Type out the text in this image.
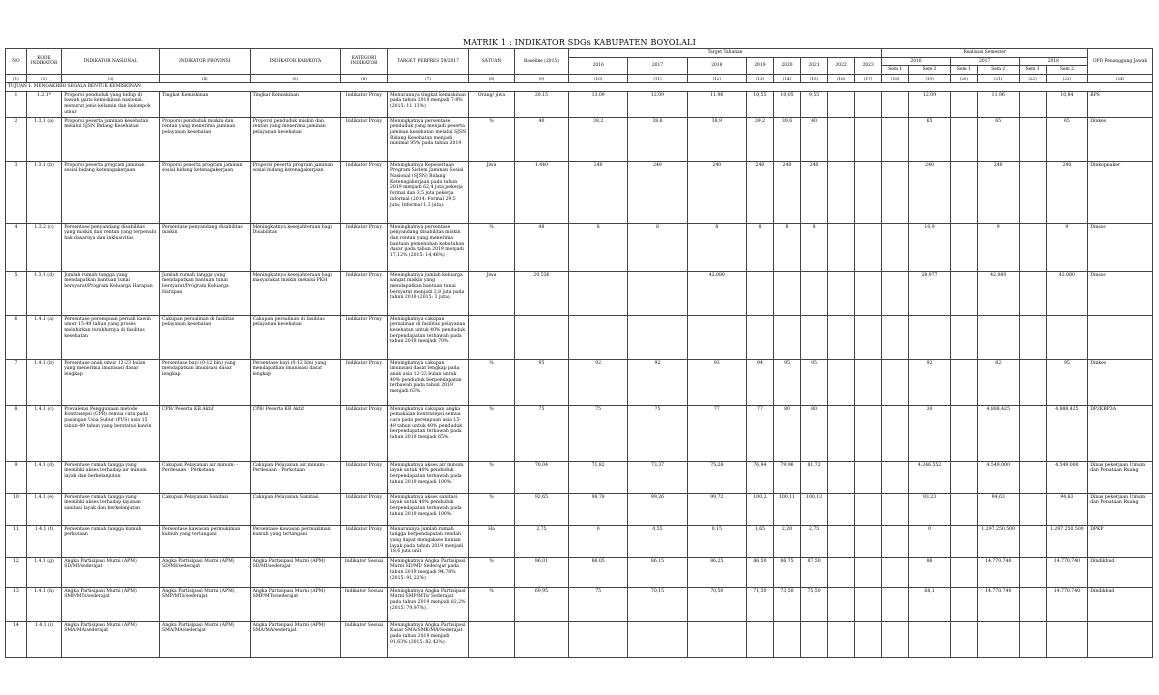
MATRIK 1 : INDIKATOR SDGs KABUPATEN BOYOLALI
NO	KODE INDIKATOR	INDIKATOR NASIONAL	INDIKATOR PROVINSI	INDIKATOR KAB/KOTA	KATEGORI INDIKATOR	TARGET PERPRES 59/2017	SATUAN	Baseline (2015)	Target Tahunan								Realisasi Semester						OPD Penanggung Jawab
									2016	2017	2018	2019	2020	2021	2022	2023	2016		2017		2018		
																	Sem 1	Sem 2	Sem 1	Sem 2	Sem 1	Sem 2	
(1)	(2)	(3)	(4)	(5)	(6)	(7)	(8)	(9)	(10)	(11)	(12)	(13)	(14)	(15)	(16)	(17)	(18)	(19)	(20)	(21)	(22)	(23)	(24)
TUJUAN 1. MENGAKHIRI SEGALA BENTUK KEMISKINAN																							
1	1.2.1*	Proporsi penduduk yang hidup di bawah garis kemiskinan nasional, menurut jenis kelamin dan kelompok umur	Tingkat Kemiskinan	Tingkat Kemiskinan	Indikator Proxy	Menurunnya tingkat kemiskinan pada tahun 2019 menjadi 7-8% (2015: 11,13%)	Orang/ jiwa	20.15	13.09	12.09	11.96	10,55	10,05	9,55				12.09		11.96		10,84	BPS
2	1.3.1 (a)	Proporsi peserta jaminan kesehatan melalui SJSN Bidang Kesehatan	Proporsi penduduk miskin dan rentan yang menerima jaminan pelayanan kesehatan	Proporsi penduduk miskin dan rentan yang menerima jaminan pelayanan kesehatan	Indikator Proxy	Meningkatnya persentase penduduk yang menjadi peserta jaminan kesehatan melalui SJSN Bidang Kesehatan menjadi minimal 95% pada tahun 2019	%	40	38,2	38,6	38,9	39,2	39,6	40				65		65		65	Dinkes
3	1.3.1 (b)	Proporsi peserta program jaminan sosial bidang ketenagakerjaan	Proporsi peserta program jaminan sosial bidang ketenagakerjaan	Proporsi peserta program jaminan sosial bidang ketenagakerjaan	Indikator Proxy	Meningkatnya Kepesertaan Program Sistem Jaminan Sosial Nasional (SJSN) Bidang Ketenagakerjaan pada tahun 2019 menjadi 62,4 juta pekerja formal dan 3,5 juta pekerja informal (2014: Formal 29,5 juta; Informal 1,3 juta).	Jiwa	1.440	240	240	240	240	240	240				240		240		240	Dinkopnaker
4	1.3.2 (c)	Persentase penyandang disabilitas yang miskin dan rentan yang terpenuhi hak dasarnya dan inklusivitas	Persentase penyandang disabilitas miskin	Meningkatnya kesejahteraan bagi Disabilitas	Indikator Proxy	Meningkatnya persentase penyandang disabilitas miskin dan rentan yang menerima bantuan pemenuhan kebutuhan dasar pada tahun 2019 menjadi 17,12% (2015: 14,46%)	%	48	8	8	8	8	8	8				10,9		9		9	Dinsos
5	1.3.1 (d)	Jumlah rumah tangga yang mendapatkan bantuan tunai bersyarat/Program Keluarga Harapan	Jumlah rumah tangga yang mendapatkan bantuan tunai bersyarat/Program Keluarga Harapan	Meningkatnya kesejahteraan bagi masyarakat miskin melalui PKH	Indikator Proxy	Meningkatnya jumlah keluarga sangat miskin yang mendapatkan bantuan tunai bersyarat menjadi 2,8 juta pada tahun 2019 (2015: 3 juta).	Jiwa	20.536			42.080							28.977		42.080		42.080	Dinsos
6	1.4.1 (a)	Persentase perempuan pernah kawin umur 15-49 tahun yang proses melahirkan terakhirnya di fasilitas kesehatan	Cakupan persalinan di fasilitas pelayanan kesehatan	Cakupan persalinan di fasilitas pelayanan kesehatan	Indikator Proxy	Meningkatnya cakupan persalinan di fasilitas pelayanan kesehatan untuk 40% penduduk berpendapatan terbawah pada tahun 2019 menjadi 70%.																	
7	1.4.1 (b)	Persentase anak umur 12-23 bulan yang menerima imunisasi dasar lengkap	Persentase bayi (0-12 bln) yang mendapatkan imunisasi dasar lengkap	Persentase bayi (0-12 bln) yang mendapatkan imunisasi dasar lengkap	Indikator Proxy	Meningkatnya cakupan imunisasi dasar lengkap pada anak usia 12-23 bulan untuk 40% penduduk berpendapatan terbawah pada tahun 2019 menjadi 63%.	%	95	92	92	93	94	95	95				92		82		95	Dinkes
8	1.4.1 (c)	Prevalensi Penggunaan metode Kontrasepsi (CPR) semua cara pada pasangan Usia Subur (PUS) usia 15 tahun-49 tahun yang berstatus kawin	CPR/ Peserta KB Aktif	CPR/ Peserta KB Aktif	Indikator Proxy	Meningkatnya cakupan angka pemakaian kontrasepsi semua cara pada perempuan usia 15-49 tahun untuk 40% penduduk berpendapatan terbawah pada tahun 2019 menjadi 65%.	%	75	75	75	77	77	80	80				30		4,888,425		4,888,425	DP2KBP3A
9	1.4.1 (d)	Persentase rumah tangga yang memiliki akses terhadap air minum layak dan berkelanjutan	Cakupan Pelayanan air minum: - Perdesaan - Perkotaan	Cakupan Pelayanan air minum: - Perdesaan - Perkotaan	Indikator Proxy	Meningkatnya akses air minum layak untuk 40% penduduk berpendapatan terbawah pada tahun 2019 menjadi 100%.	%	70,04	71,82	73,37	75,28	76,94	79,96	81,72				4.246.552		4.549.000		4.549.000	Dinas pekerjaan Umum dan Penataan Ruang
10	1.4.1 (e)	Persentase rumah tangga yang memiliki akses terhadap layanan sanitasi layak dan berkelanjutan	Cakupan Pelayanan Sanitasi	Cakupan Pelayanan Sanitasi	Indikator Proxy	Meningkatnya akses sanitasi layak untuk 40% penduduk berpendapatan terbawah pada tahun 2019 menjadi 100%.	%	92,65	98,78	99,26	99,72	100,2	100,11	100,13				93,23		94,63		94,63	Dinas pekerjaan Umum dan Penataan Ruang
11	1.4.1 (f)	Persentase rumah tangga kumuh perkotaan	Persentase kawasan permukiman kumuh yang tertangani	Persentase kawasan permukiman kumuh yang tertangani	Indikator Proxy	Menurunnya jumlah rumah tangga berpendapatan rendah yang dapat mengakses hunian layak pada tahun 2019 menjadi 18,6 juta unit	Ha	2,75	0	0,55	0,15	1,65	2,20	2,75				0		1.297.250.500		1.297.250.500	DPKP
12	1.4.1 (g)	Angka Partisipasi Murni (APM) SD/MI/sederajat	Angka Partisipasi Murni (APM) SD/MI/sederajat	Angka Partisipasi Murni (APM) SD/MI/sederajat	Indikator Sesuai	Meningkatnya Angka Partisipasi Murni SD/MI/ Sederajat pada tahun 2019 menjadi 94,78% (2015: 91,22%)	%	86,01	86.05	86,15	86.25	86,50	86,75	87,50				86		14.770.740		14.770.740	Dindikbud
13	1.4.1 (h)	Angka Partisipasi Murni (APM) SMP/MTs/sederajat	Angka Partisipasi Murni (APM) SMP/MTs/sederajat	Angka Partisipasi Murni (APM) SMP/MTs/sederajat	Indikator Sesuai	Meningkatnya Angka Partisipasi Murni SMP/MTs/ Sederajat pada tahun 2019 menjadi 82,2% (2015: 79,97%).	%	69,95	75	70,15	70,50	71,50	73,50	75,50				68,1		14.770.740		14.770.740	Dindikbud
14	1.4.1 (i)	Angka Partisipasi Murni (APM) SMA/MA/sederajat	Angka Partisipasi Murni (APM) SMA/MA/sederajat	Angka Partisipasi Murni (APM) SMA/MA/sederajat	Indikator Sesuai	Meningkatnya Angka Partisipasi Kasar SMA/SMK/MA/Sederajat pada tahun 2019 menjadi 91,63% (2015: 82,42%).																	
